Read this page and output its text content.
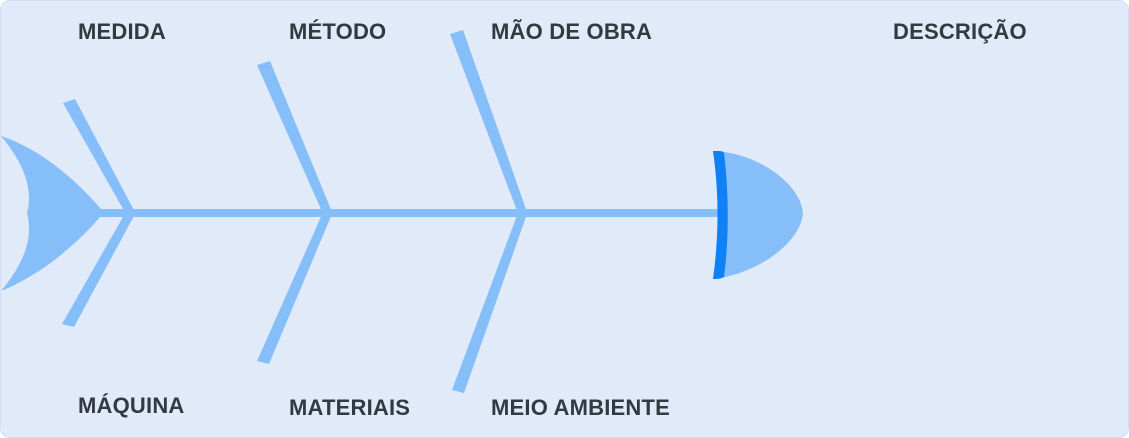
MEDIDA	MÉTODO	MÃO DE OBRA	DESCRIÇÃO
MÁQUINA	MATERIAIS	MEIO AMBIENTE
